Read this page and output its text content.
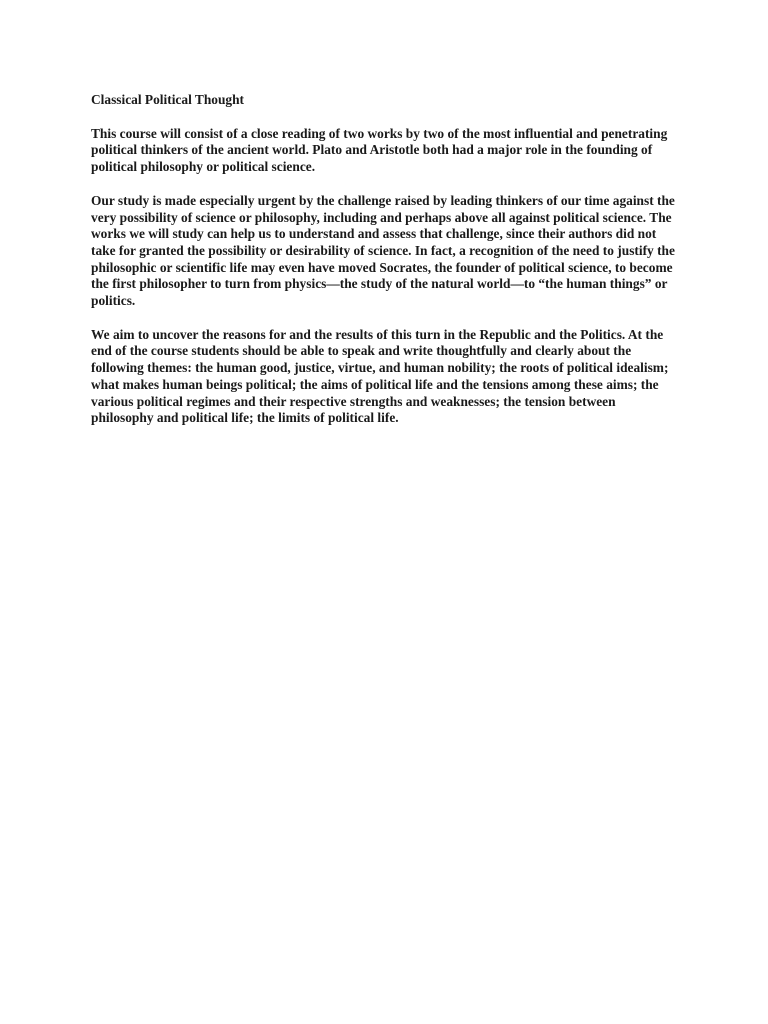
Classical Political Thought

This course will consist of a close reading of two works by two of the most influential and penetrating political thinkers of the ancient world. Plato and Aristotle both had a major role in the founding of political philosophy or political science.

Our study is made especially urgent by the challenge raised by leading thinkers of our time against the very possibility of science or philosophy, including and perhaps above all against political science. The works we will study can help us to understand and assess that challenge, since their authors did not take for granted the possibility or desirability of science. In fact, a recognition of the need to justify the philosophic or scientific life may even have moved Socrates, the founder of political science, to become the first philosopher to turn from physics—the study of the natural world—to “the human things” or politics.

We aim to uncover the reasons for and the results of this turn in the Republic and the Politics. At the end of the course students should be able to speak and write thoughtfully and clearly about the following themes: the human good, justice, virtue, and human nobility; the roots of political idealism; what makes human beings political; the aims of political life and the tensions among these aims; the various political regimes and their respective strengths and weaknesses; the tension between philosophy and political life; the limits of political life.
